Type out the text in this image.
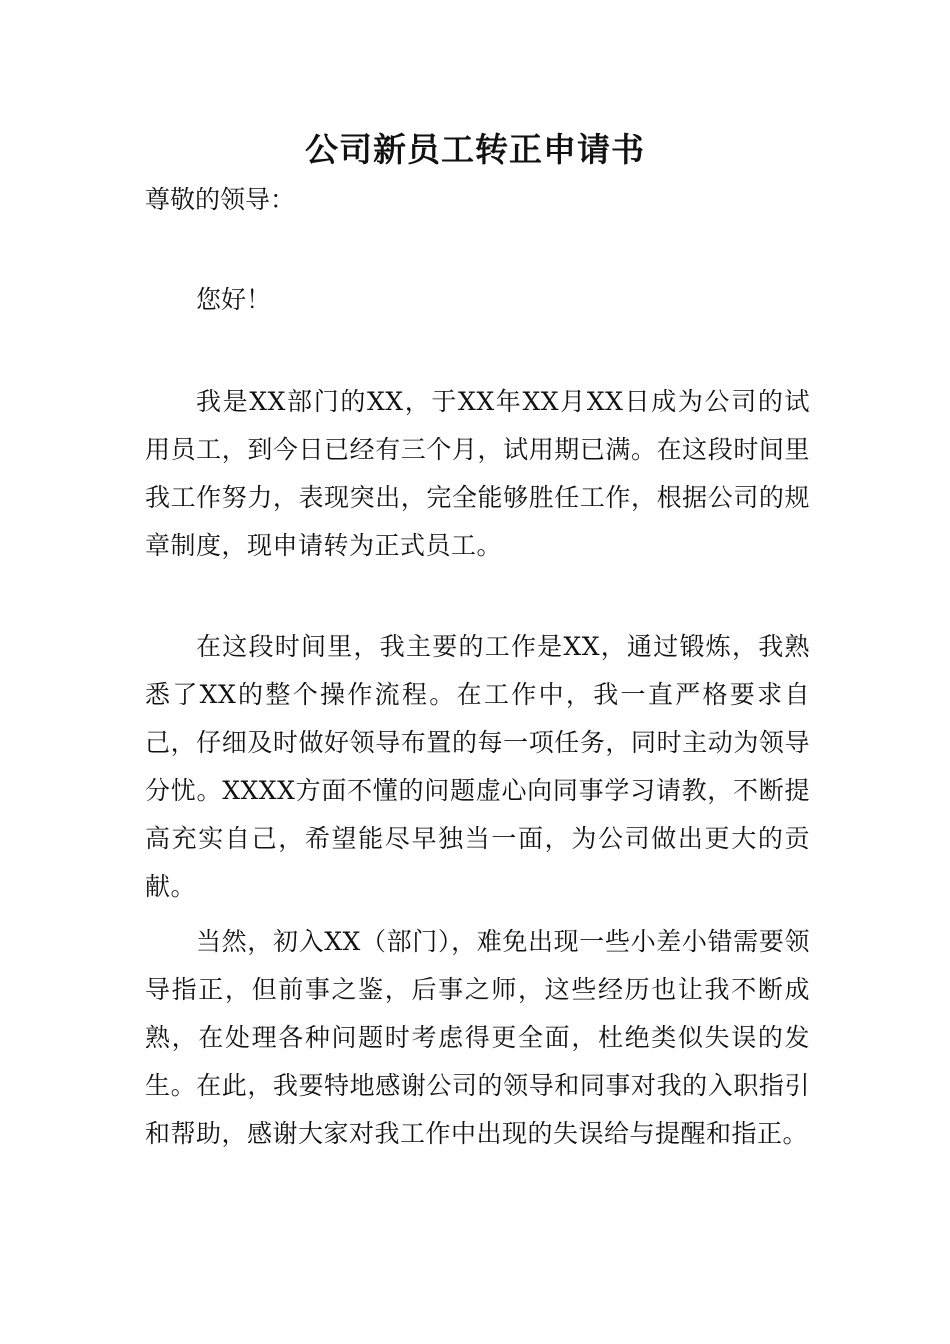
公司新员工转正申请书
尊敬的领导：
您好！

我是XX部门的XX，于XX年XX月XX日成为公司的试用员工，到今日已经有三个月，试用期已满。在这段时间里我工作努力，表现突出，完全能够胜任工作，根据公司的规章制度，现申请转为正式员工。

在这段时间里，我主要的工作是XX，通过锻炼，我熟悉了XX的整个操作流程。在工作中，我一直严格要求自己，仔细及时做好领导布置的每一项任务，同时主动为领导分忧。XXXX方面不懂的问题虚心向同事学习请教，不断提高充实自己，希望能尽早独当一面，为公司做出更大的贡献。

当然，初入XX（部门），难免出现一些小差小错需要领导指正，但前事之鉴，后事之师，这些经历也让我不断成熟，在处理各种问题时考虑得更全面，杜绝类似失误的发生。在此，我要特地感谢公司的领导和同事对我的入职指引和帮助，感谢大家对我工作中出现的失误给与提醒和指正。
